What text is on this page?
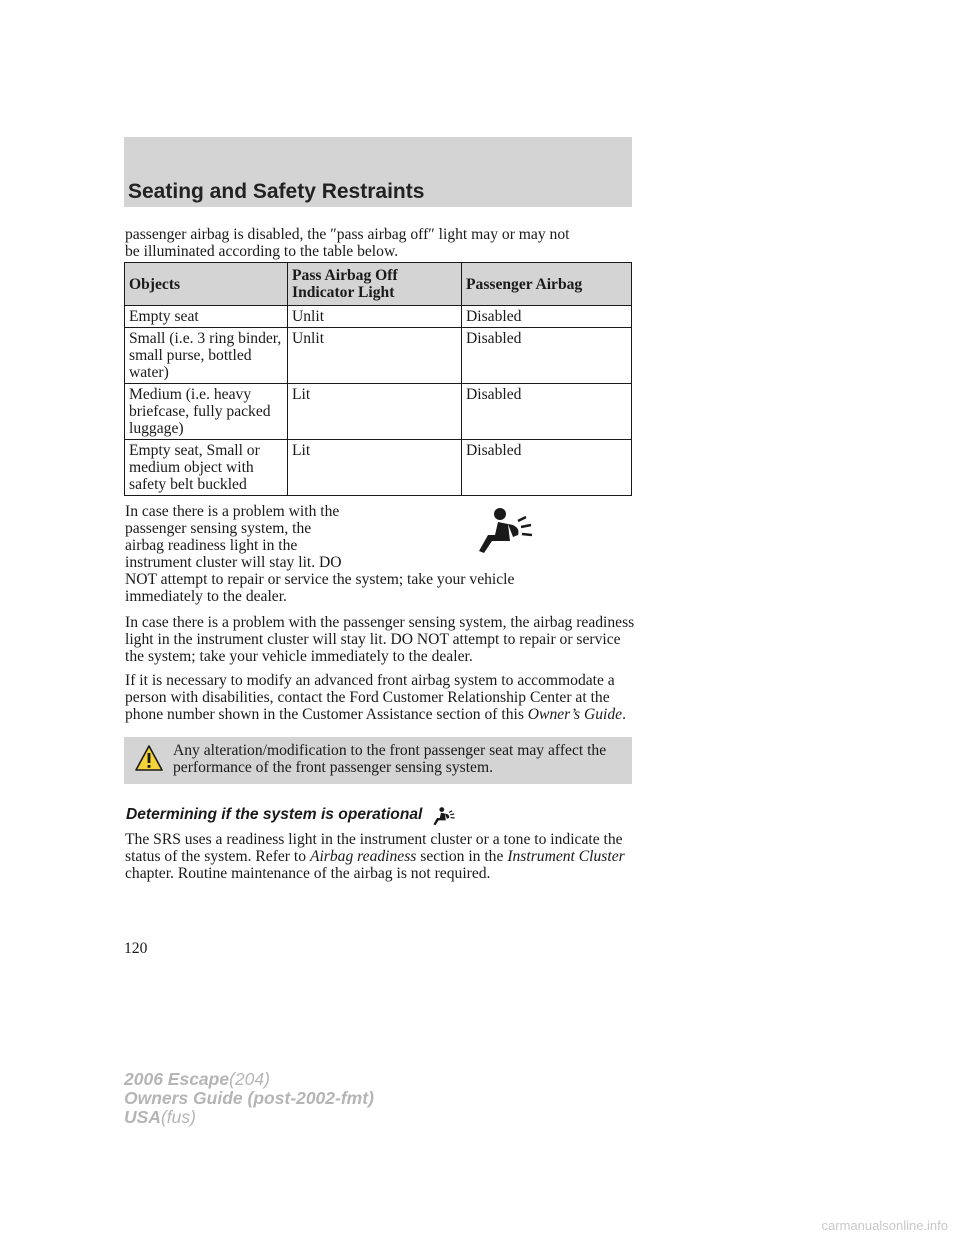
Seating and Safety Restraints
passenger airbag is disabled, the ″pass airbag off″ light may or may not
be illuminated according to the table below.
Objects	Pass Airbag Off Indicator Light	Passenger Airbag
Empty seat	Unlit	Disabled
Small (i.e. 3 ring binder, small purse, bottled water)	Unlit	Disabled
Medium (i.e. heavy briefcase, fully packed luggage)	Lit	Disabled
Empty seat, Small or medium object with safety belt buckled	Lit	Disabled
In case there is a problem with the
passenger sensing system, the
airbag readiness light in the
instrument cluster will stay lit. DO
NOT attempt to repair or service the system; take your vehicle
immediately to the dealer.
In case there is a problem with the passenger sensing system, the airbag readiness light in the instrument cluster will stay lit. DO NOT attempt to repair or service the system; take your vehicle immediately to the dealer.
If it is necessary to modify an advanced front airbag system to accommodate a person with disabilities, contact the Ford Customer Relationship Center at the phone number shown in the Customer Assistance section of this Owner’s Guide.
Any alteration/modification to the front passenger seat may affect the performance of the front passenger sensing system.
Determining if the system is operational
The SRS uses a readiness light in the instrument cluster or a tone to indicate the status of the system. Refer to Airbag readiness section in the Instrument Cluster chapter. Routine maintenance of the airbag is not required.
120
2006 Escape(204)
Owners Guide (post-2002-fmt)
USA(fus)
carmanualsonline.info
